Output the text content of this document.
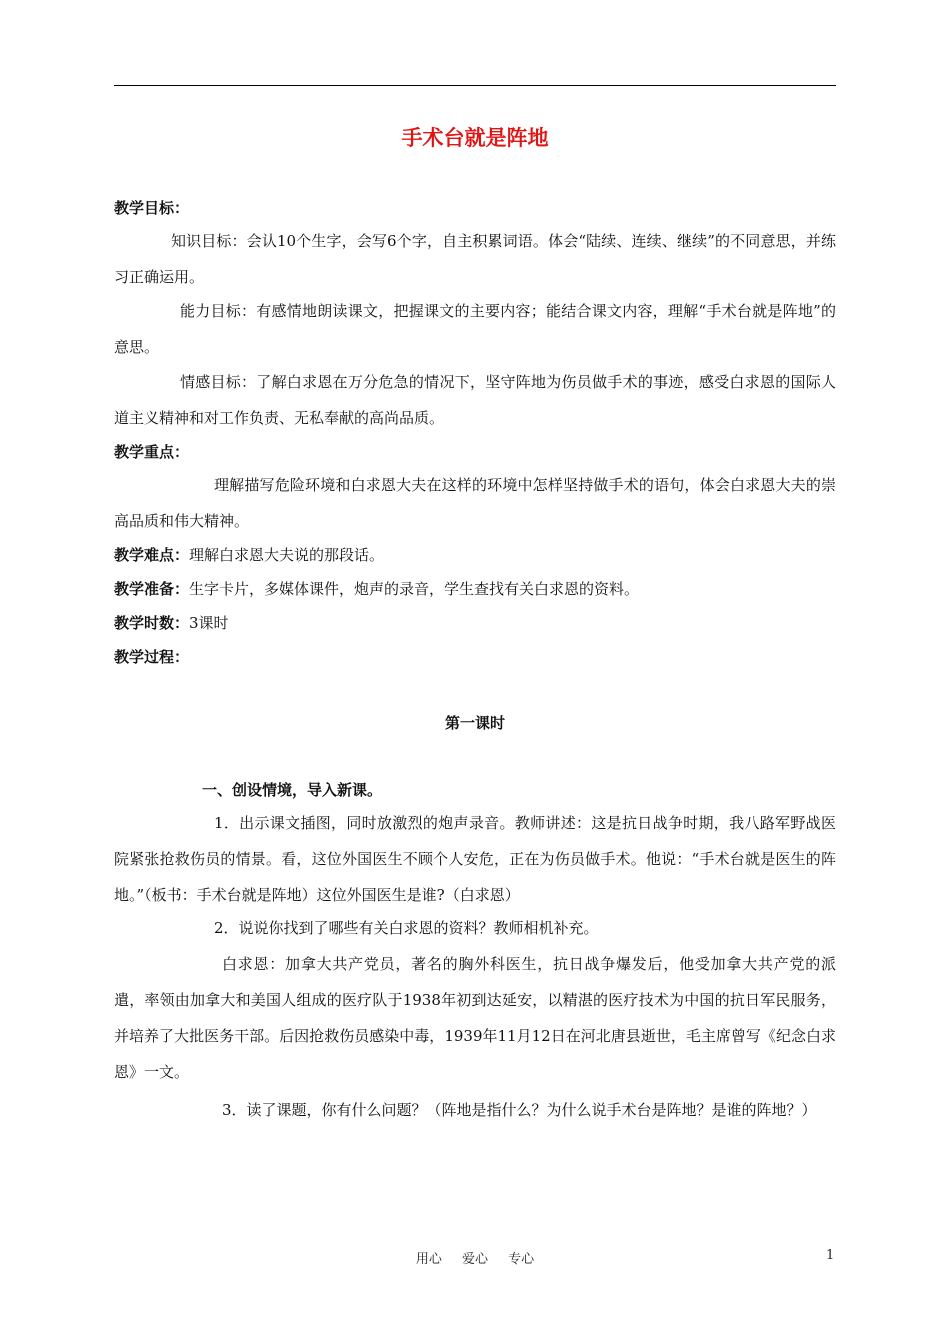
手术台就是阵地
教学目标：
知识目标：会认10个生字，会写6个字，自主积累词语。体会“陆续、连续、继续”的不同意思，并练习正确运用。
能力目标：有感情地朗读课文，把握课文的主要内容；能结合课文内容，理解“手术台就是阵地”的意思。
情感目标：了解白求恩在万分危急的情况下，坚守阵地为伤员做手术的事迹，感受白求恩的国际人道主义精神和对工作负责、无私奉献的高尚品质。
教学重点：
理解描写危险环境和白求恩大夫在这样的环境中怎样坚持做手术的语句，体会白求恩大夫的崇高品质和伟大精神。
教学难点：理解白求恩大夫说的那段话。
教学准备：生字卡片，多媒体课件，炮声的录音，学生查找有关白求恩的资料。
教学时数：3课时
教学过程：
第一课时
一、创设情境，导入新课。
1．出示课文插图，同时放激烈的炮声录音。教师讲述：这是抗日战争时期，我八路军野战医院紧张抢救伤员的情景。看，这位外国医生不顾个人安危，正在为伤员做手术。他说：“手术台就是医生的阵地。”（板书：手术台就是阵地）这位外国医生是谁?（白求恩）
2．说说你找到了哪些有关白求恩的资料？教师相机补充。
白求恩：加拿大共产党员，著名的胸外科医生，抗日战争爆发后，他受加拿大共产党的派遣，率领由加拿大和美国人组成的医疗队于1938年初到达延安，以精湛的医疗技术为中国的抗日军民服务，并培养了大批医务干部。后因抢救伤员感染中毒，1939年11月12日在河北唐县逝世，毛主席曾写《纪念白求恩》一文。
3．读了课题，你有什么问题？（阵地是指什么？为什么说手术台是阵地？是谁的阵地？）
用心 爱心 专心	1
